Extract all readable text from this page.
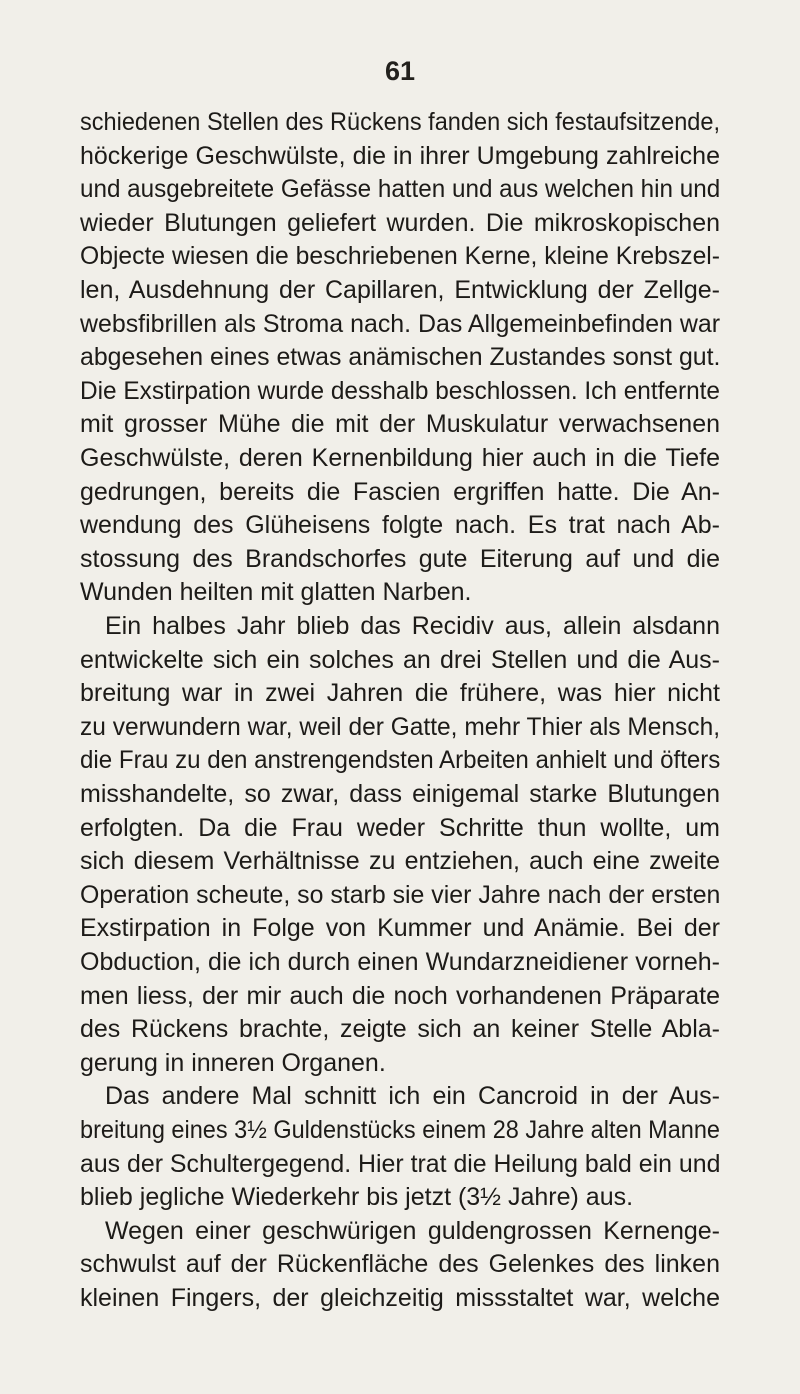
61
schiedenen Stellen des Rückens fanden sich festaufsitzende,
höckerige Geschwülste, die in ihrer Umgebung zahlreiche
und ausgebreitete Gefässe hatten und aus welchen hin und
wieder Blutungen geliefert wurden. Die mikroskopischen
Objecte wiesen die beschriebenen Kerne, kleine Krebszel-
len, Ausdehnung der Capillaren, Entwicklung der Zellge-
websfibrillen als Stroma nach. Das Allgemeinbefinden war
abgesehen eines etwas anämischen Zustandes sonst gut.
Die Exstirpation wurde desshalb beschlossen. Ich entfernte
mit grosser Mühe die mit der Muskulatur verwachsenen
Geschwülste, deren Kernenbildung hier auch in die Tiefe
gedrungen, bereits die Fascien ergriffen hatte. Die An-
wendung des Glüheisens folgte nach. Es trat nach Ab-
stossung des Brandschorfes gute Eiterung auf und die
Wunden heilten mit glatten Narben.
Ein halbes Jahr blieb das Recidiv aus, allein alsdann
entwickelte sich ein solches an drei Stellen und die Aus-
breitung war in zwei Jahren die frühere, was hier nicht
zu verwundern war, weil der Gatte, mehr Thier als Mensch,
die Frau zu den anstrengendsten Arbeiten anhielt und öfters
misshandelte, so zwar, dass einigemal starke Blutungen
erfolgten. Da die Frau weder Schritte thun wollte, um
sich diesem Verhältnisse zu entziehen, auch eine zweite
Operation scheute, so starb sie vier Jahre nach der ersten
Exstirpation in Folge von Kummer und Anämie. Bei der
Obduction, die ich durch einen Wundarzneidiener vorneh-
men liess, der mir auch die noch vorhandenen Präparate
des Rückens brachte, zeigte sich an keiner Stelle Abla-
gerung in inneren Organen.
Das andere Mal schnitt ich ein Cancroid in der Aus-
breitung eines 3½ Guldenstücks einem 28 Jahre alten Manne
aus der Schultergegend. Hier trat die Heilung bald ein und
blieb jegliche Wiederkehr bis jetzt (3½ Jahre) aus.
Wegen einer geschwürigen guldengrossen Kernenge-
schwulst auf der Rückenfläche des Gelenkes des linken
kleinen Fingers, der gleichzeitig missstaltet war, welche
